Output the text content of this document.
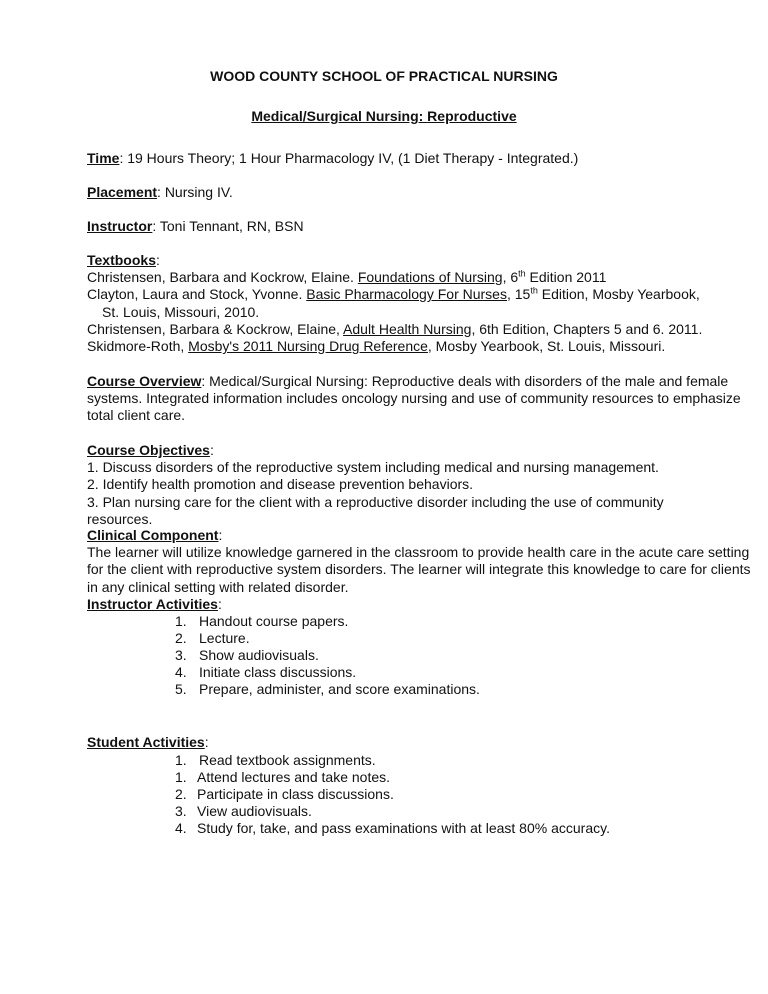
WOOD COUNTY SCHOOL OF PRACTICAL NURSING
Medical/Surgical Nursing: Reproductive
Time: 19 Hours Theory; 1 Hour Pharmacology IV, (1 Diet Therapy - Integrated.)
Placement: Nursing IV.
Instructor: Toni Tennant, RN, BSN
Textbooks:
Christensen, Barbara and Kockrow, Elaine. Foundations of Nursing, 6th Edition 2011
Clayton, Laura and Stock, Yvonne. Basic Pharmacology For Nurses, 15th Edition, Mosby Yearbook,
St. Louis, Missouri, 2010.
Christensen, Barbara & Kockrow, Elaine, Adult Health Nursing, 6th Edition, Chapters 5 and 6. 2011.
Skidmore-Roth, Mosby's 2011 Nursing Drug Reference, Mosby Yearbook, St. Louis, Missouri.
Course Overview: Medical/Surgical Nursing: Reproductive deals with disorders of the male and female systems. Integrated information includes oncology nursing and use of community resources to emphasize total client care.
Course Objectives:
1. Discuss disorders of the reproductive system including medical and nursing management.
2. Identify health promotion and disease prevention behaviors.
3. Plan nursing care for the client with a reproductive disorder including the use of community resources.
Clinical Component:
The learner will utilize knowledge garnered in the classroom to provide health care in the acute care setting for the client with reproductive system disorders. The learner will integrate this knowledge to care for clients in any clinical setting with related disorder.
Instructor Activities:
1. Handout course papers.
2. Lecture.
3. Show audiovisuals.
4. Initiate class discussions.
5. Prepare, administer, and score examinations.
Student Activities:
1. Read textbook assignments.
1. Attend lectures and take notes.
2. Participate in class discussions.
3. View audiovisuals.
4. Study for, take, and pass examinations with at least 80% accuracy.
